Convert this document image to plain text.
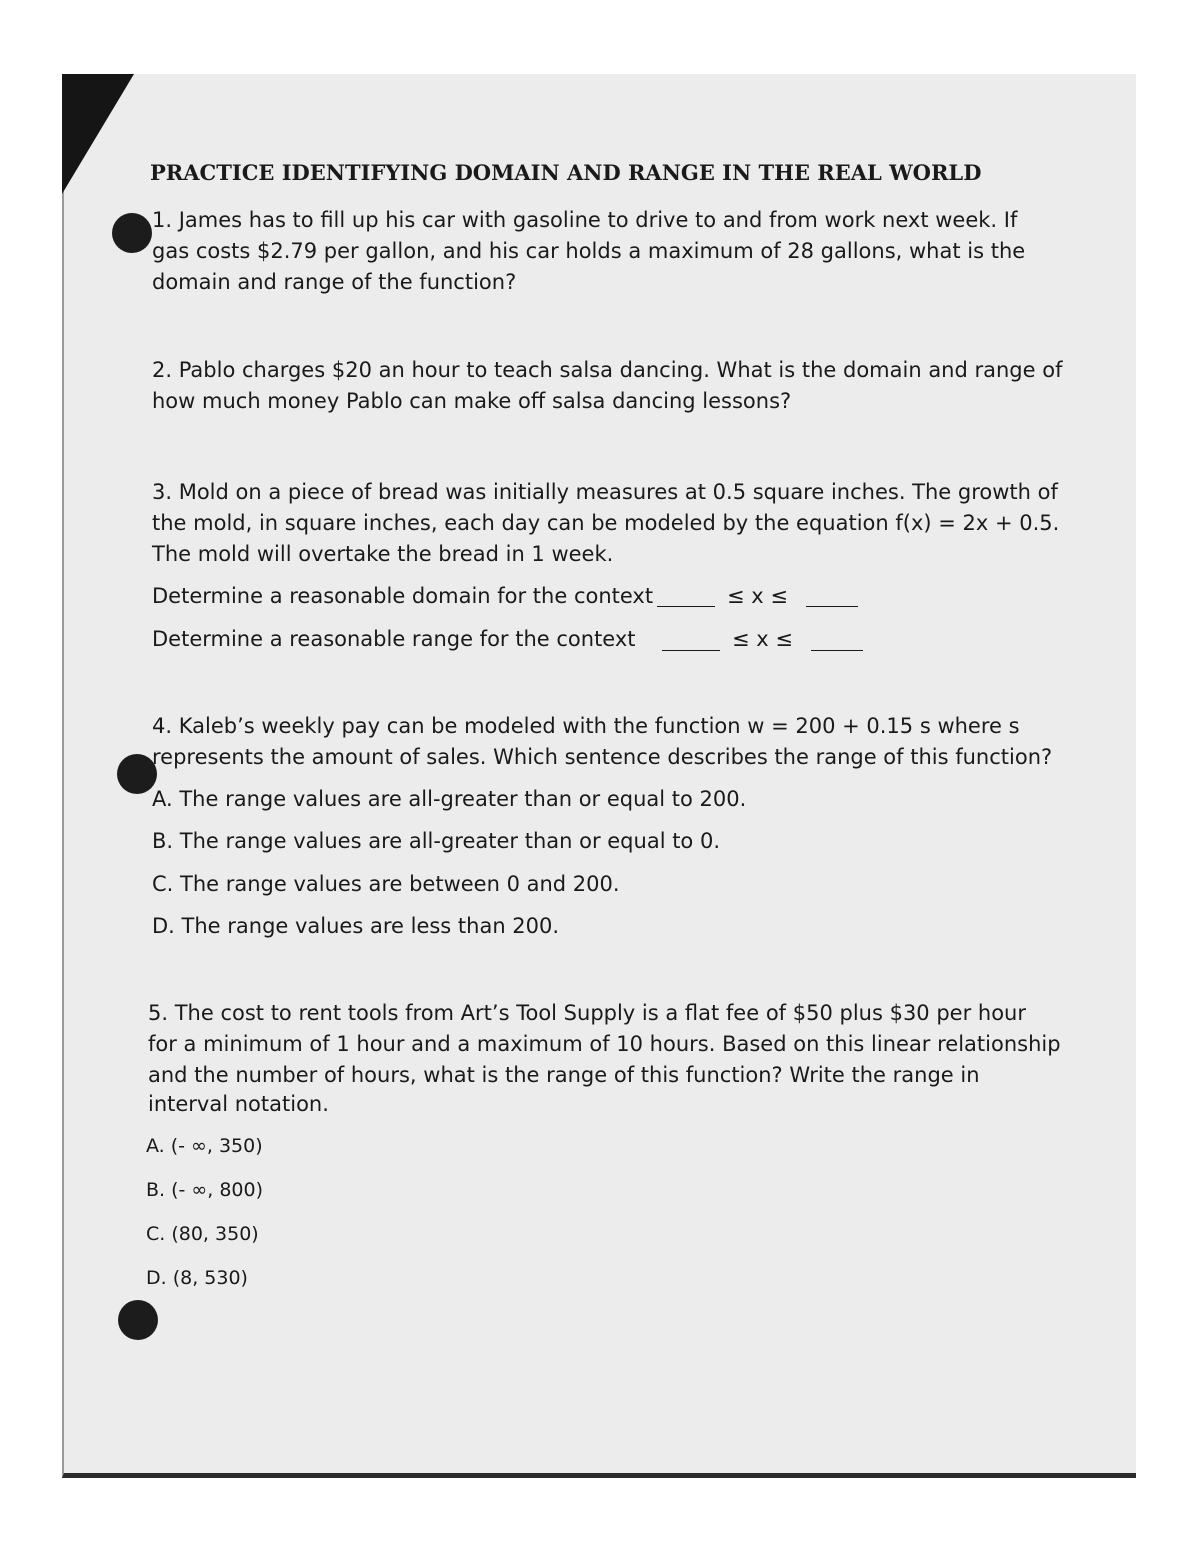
PRACTICE IDENTIFYING DOMAIN AND RANGE IN THE REAL WORLD
1. James has to fill up his car with gasoline to drive to and from work next week. If
gas costs $2.79 per gallon, and his car holds a maximum of 28 gallons, what is the
domain and range of the function?
2. Pablo charges $20 an hour to teach salsa dancing. What is the domain and range of
how much money Pablo can make off salsa dancing lessons?
3. Mold on a piece of bread was initially measures at 0.5 square inches. The growth of
the mold, in square inches, each day can be modeled by the equation f(x) = 2x + 0.5.
The mold will overtake the bread in 1 week.
Determine a reasonable domain for the context	≤ x ≤
Determine a reasonable range for the context	≤ x ≤
4. Kaleb’s weekly pay can be modeled with the function w = 200 + 0.15 s where s
represents the amount of sales. Which sentence describes the range of this function?
A. The range values are all-greater than or equal to 200.
B. The range values are all-greater than or equal to 0.
C. The range values are between 0 and 200.
D. The range values are less than 200.
5. The cost to rent tools from Art’s Tool Supply is a flat fee of $50 plus $30 per hour
for a minimum of 1 hour and a maximum of 10 hours. Based on this linear relationship
and the number of hours, what is the range of this function? Write the range in
interval notation.
A. (- ∞, 350)
B. (- ∞, 800)
C. (80, 350)
D. (8, 530)
